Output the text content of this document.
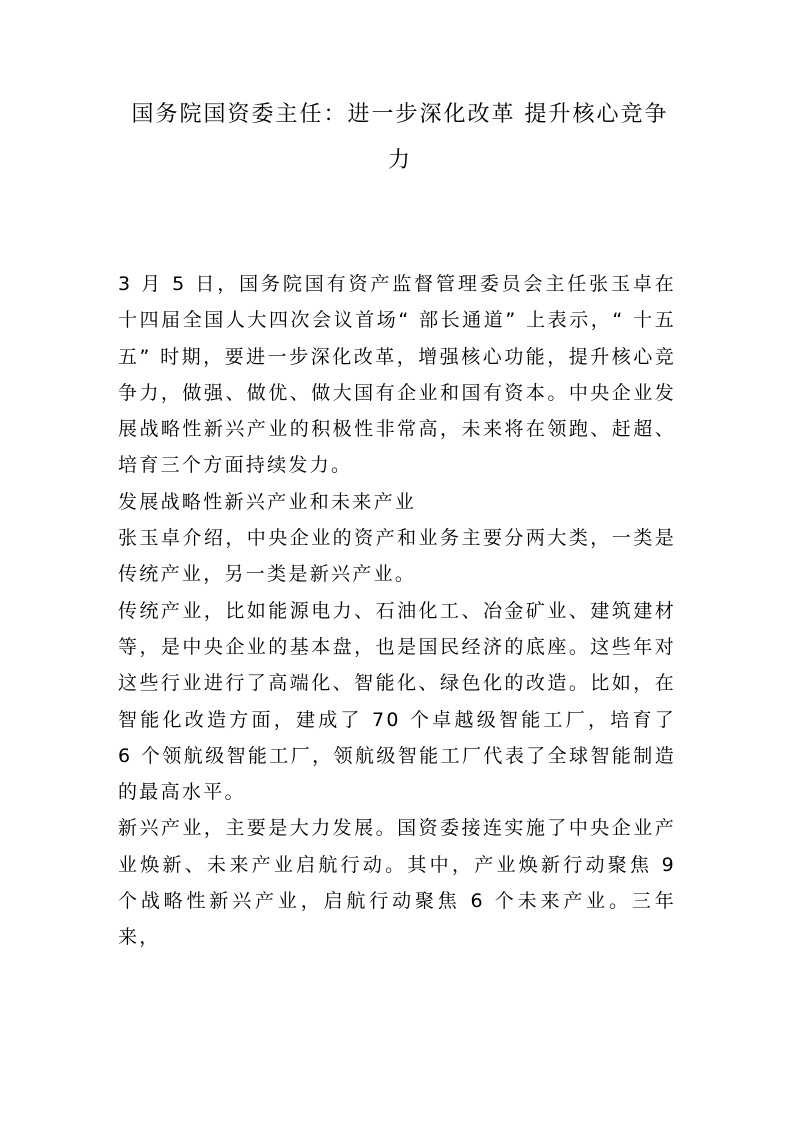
国务院国资委主任：进一步深化改革 提升核心竞争力

3 月 5 日，国务院国有资产监督管理委员会主任张玉卓在十四届全国人大四次会议首场“ 部长通道” 上表示，“ 十五五” 时期，要进一步深化改革，增强核心功能，提升核心竞争力，做强、做优、做大国有企业和国有资本。中央企业发展战略性新兴产业的积极性非常高，未来将在领跑、赶超、培育三个方面持续发力。

发展战略性新兴产业和未来产业

张玉卓介绍，中央企业的资产和业务主要分两大类，一类是传统产业，另一类是新兴产业。

传统产业，比如能源电力、石油化工、冶金矿业、建筑建材等，是中央企业的基本盘，也是国民经济的底座。这些年对这些行业进行了高端化、智能化、绿色化的改造。比如，在智能化改造方面，建成了 70 个卓越级智能工厂，培育了 6 个领航级智能工厂，领航级智能工厂代表了全球智能制造的最高水平。

新兴产业，主要是大力发展。国资委接连实施了中央企业产业焕新、未来产业启航行动。其中，产业焕新行动聚焦 9 个战略性新兴产业，启航行动聚焦 6 个未来产业。三年来，
